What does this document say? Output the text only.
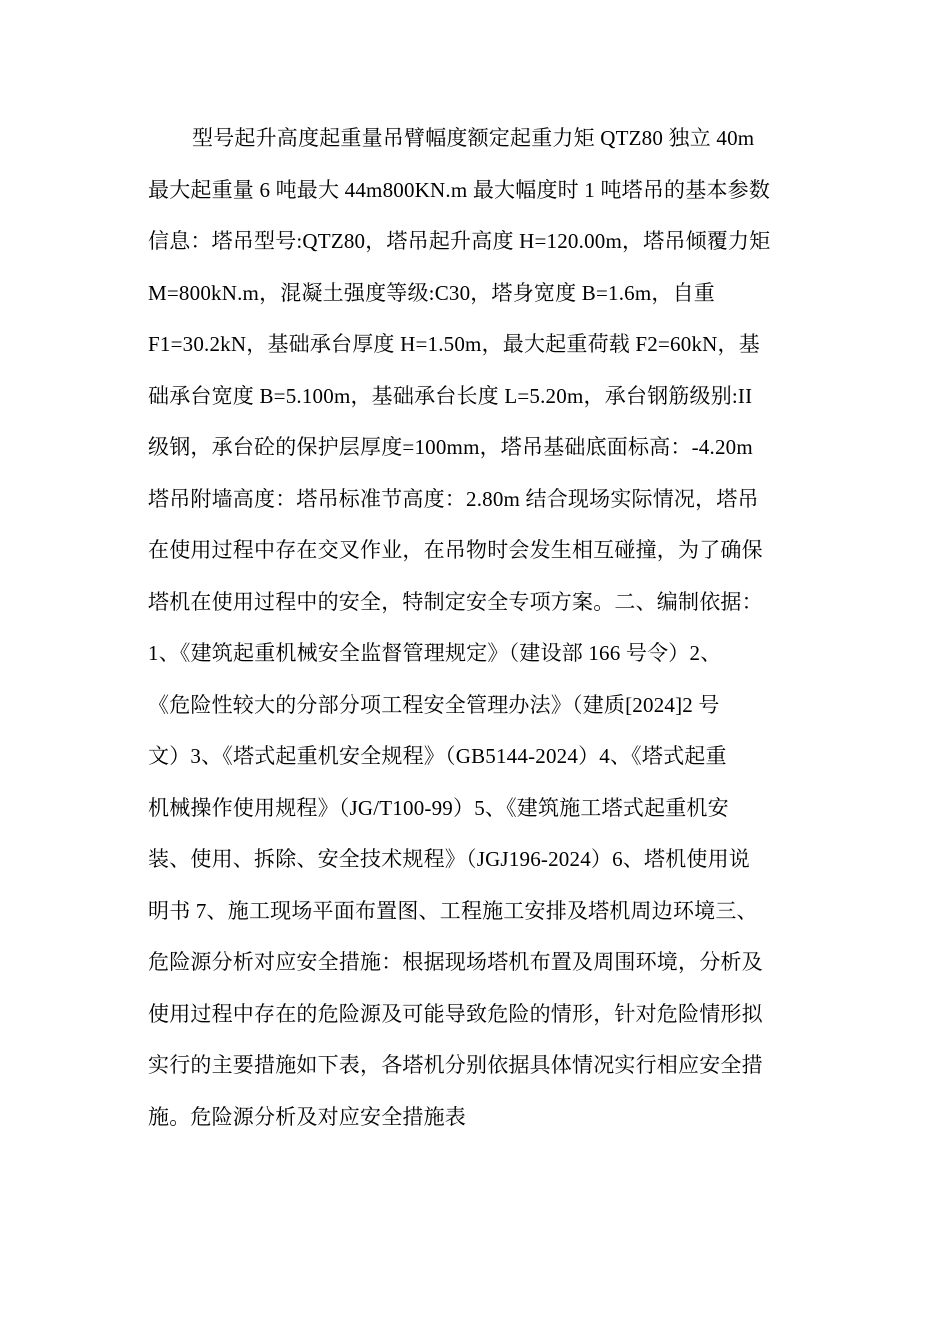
型号起升高度起重量吊臂幅度额定起重力矩 QTZ80 独立 40m
最大起重量 6 吨最大 44m800KN.m 最大幅度时 1 吨塔吊的基本参数
信息：塔吊型号:QTZ80，塔吊起升高度 H=120.00m，塔吊倾覆力矩
M=800kN.m，混凝土强度等级:C30，塔身宽度 B=1.6m，自重
F1=30.2kN，基础承台厚度 H=1.50m，最大起重荷载 F2=60kN，基
础承台宽度 B=5.100m，基础承台长度 L=5.20m，承台钢筋级别:II
级钢，承台砼的保护层厚度=100mm，塔吊基础底面标高：-4.20m
塔吊附墙高度：塔吊标准节高度：2.80m 结合现场实际情况，塔吊
在使用过程中存在交叉作业，在吊物时会发生相互碰撞，为了确保
塔机在使用过程中的安全，特制定安全专项方案。二、编制依据：
1、《建筑起重机械安全监督管理规定》（建设部 166 号令）2、
《危险性较大的分部分项工程安全管理办法》（建质[2024]2 号
文）3、《塔式起重机安全规程》（GB5144-2024）4、《塔式起重
机械操作使用规程》（JG/T100-99）5、《建筑施工塔式起重机安
装、使用、拆除、安全技术规程》（JGJ196-2024）6、塔机使用说
明书 7、施工现场平面布置图、工程施工安排及塔机周边环境三、
危险源分析对应安全措施：根据现场塔机布置及周围环境，分析及
使用过程中存在的危险源及可能导致危险的情形，针对危险情形拟
实行的主要措施如下表，各塔机分别依据具体情况实行相应安全措
施。危险源分析及对应安全措施表
